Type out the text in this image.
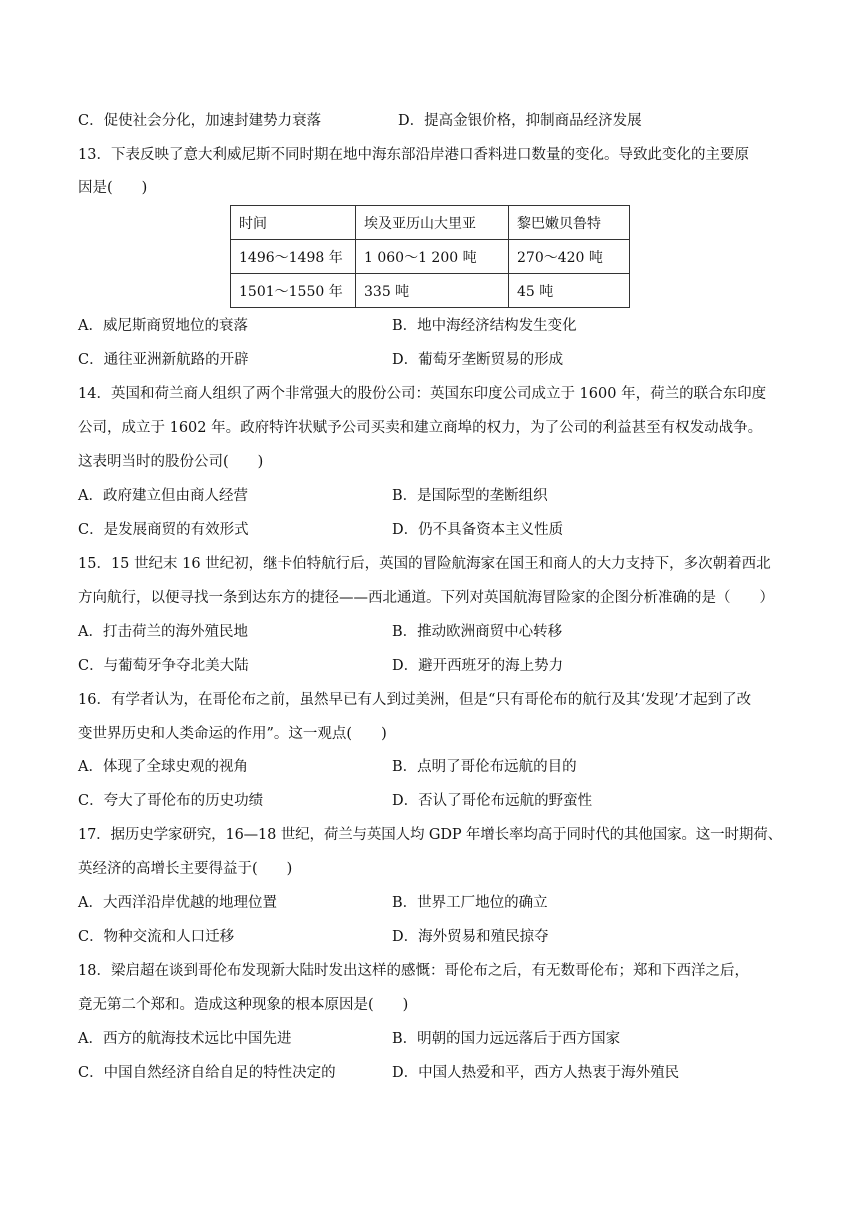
C．促使社会分化，加速封建势力衰落	D．提高金银价格，抑制商品经济发展
13．下表反映了意大利威尼斯不同时期在地中海东部沿岸港口香料进口数量的变化。导致此变化的主要原
因是(　　)
时间	埃及亚历山大里亚	黎巴嫩贝鲁特
1496～1498 年	1 060～1 200 吨	270～420 吨
1501～1550 年	335 吨	45 吨
A．威尼斯商贸地位的衰落	B．地中海经济结构发生变化
C．通往亚洲新航路的开辟	D．葡萄牙垄断贸易的形成
14．英国和荷兰商人组织了两个非常强大的股份公司：英国东印度公司成立于 1600 年，荷兰的联合东印度
公司，成立于 1602 年。政府特许状赋予公司买卖和建立商埠的权力，为了公司的利益甚至有权发动战争。
这表明当时的股份公司(　　)
A．政府建立但由商人经营	B．是国际型的垄断组织
C．是发展商贸的有效形式	D．仍不具备资本主义性质
15．15 世纪末 16 世纪初，继卡伯特航行后，英国的冒险航海家在国王和商人的大力支持下，多次朝着西北
方向航行，以便寻找一条到达东方的捷径——西北通道。下列对英国航海冒险家的企图分析准确的是（　　）
A．打击荷兰的海外殖民地	B．推动欧洲商贸中心转移
C．与葡萄牙争夺北美大陆	D．避开西班牙的海上势力
16．有学者认为，在哥伦布之前，虽然早已有人到过美洲，但是“只有哥伦布的航行及其‘发现’才起到了改
变世界历史和人类命运的作用”。这一观点(　　)
A．体现了全球史观的视角	B．点明了哥伦布远航的目的
C．夸大了哥伦布的历史功绩	D．否认了哥伦布远航的野蛮性
17．据历史学家研究，16—18 世纪，荷兰与英国人均 GDP 年增长率均高于同时代的其他国家。这一时期荷、
英经济的高增长主要得益于(　　)
A．大西洋沿岸优越的地理位置	B．世界工厂地位的确立
C．物种交流和人口迁移	D．海外贸易和殖民掠夺
18．梁启超在谈到哥伦布发现新大陆时发出这样的感慨：哥伦布之后，有无数哥伦布；郑和下西洋之后，
竟无第二个郑和。造成这种现象的根本原因是(　　)
A．西方的航海技术远比中国先进	B．明朝的国力远远落后于西方国家
C．中国自然经济自给自足的特性决定的	D．中国人热爱和平，西方人热衷于海外殖民
